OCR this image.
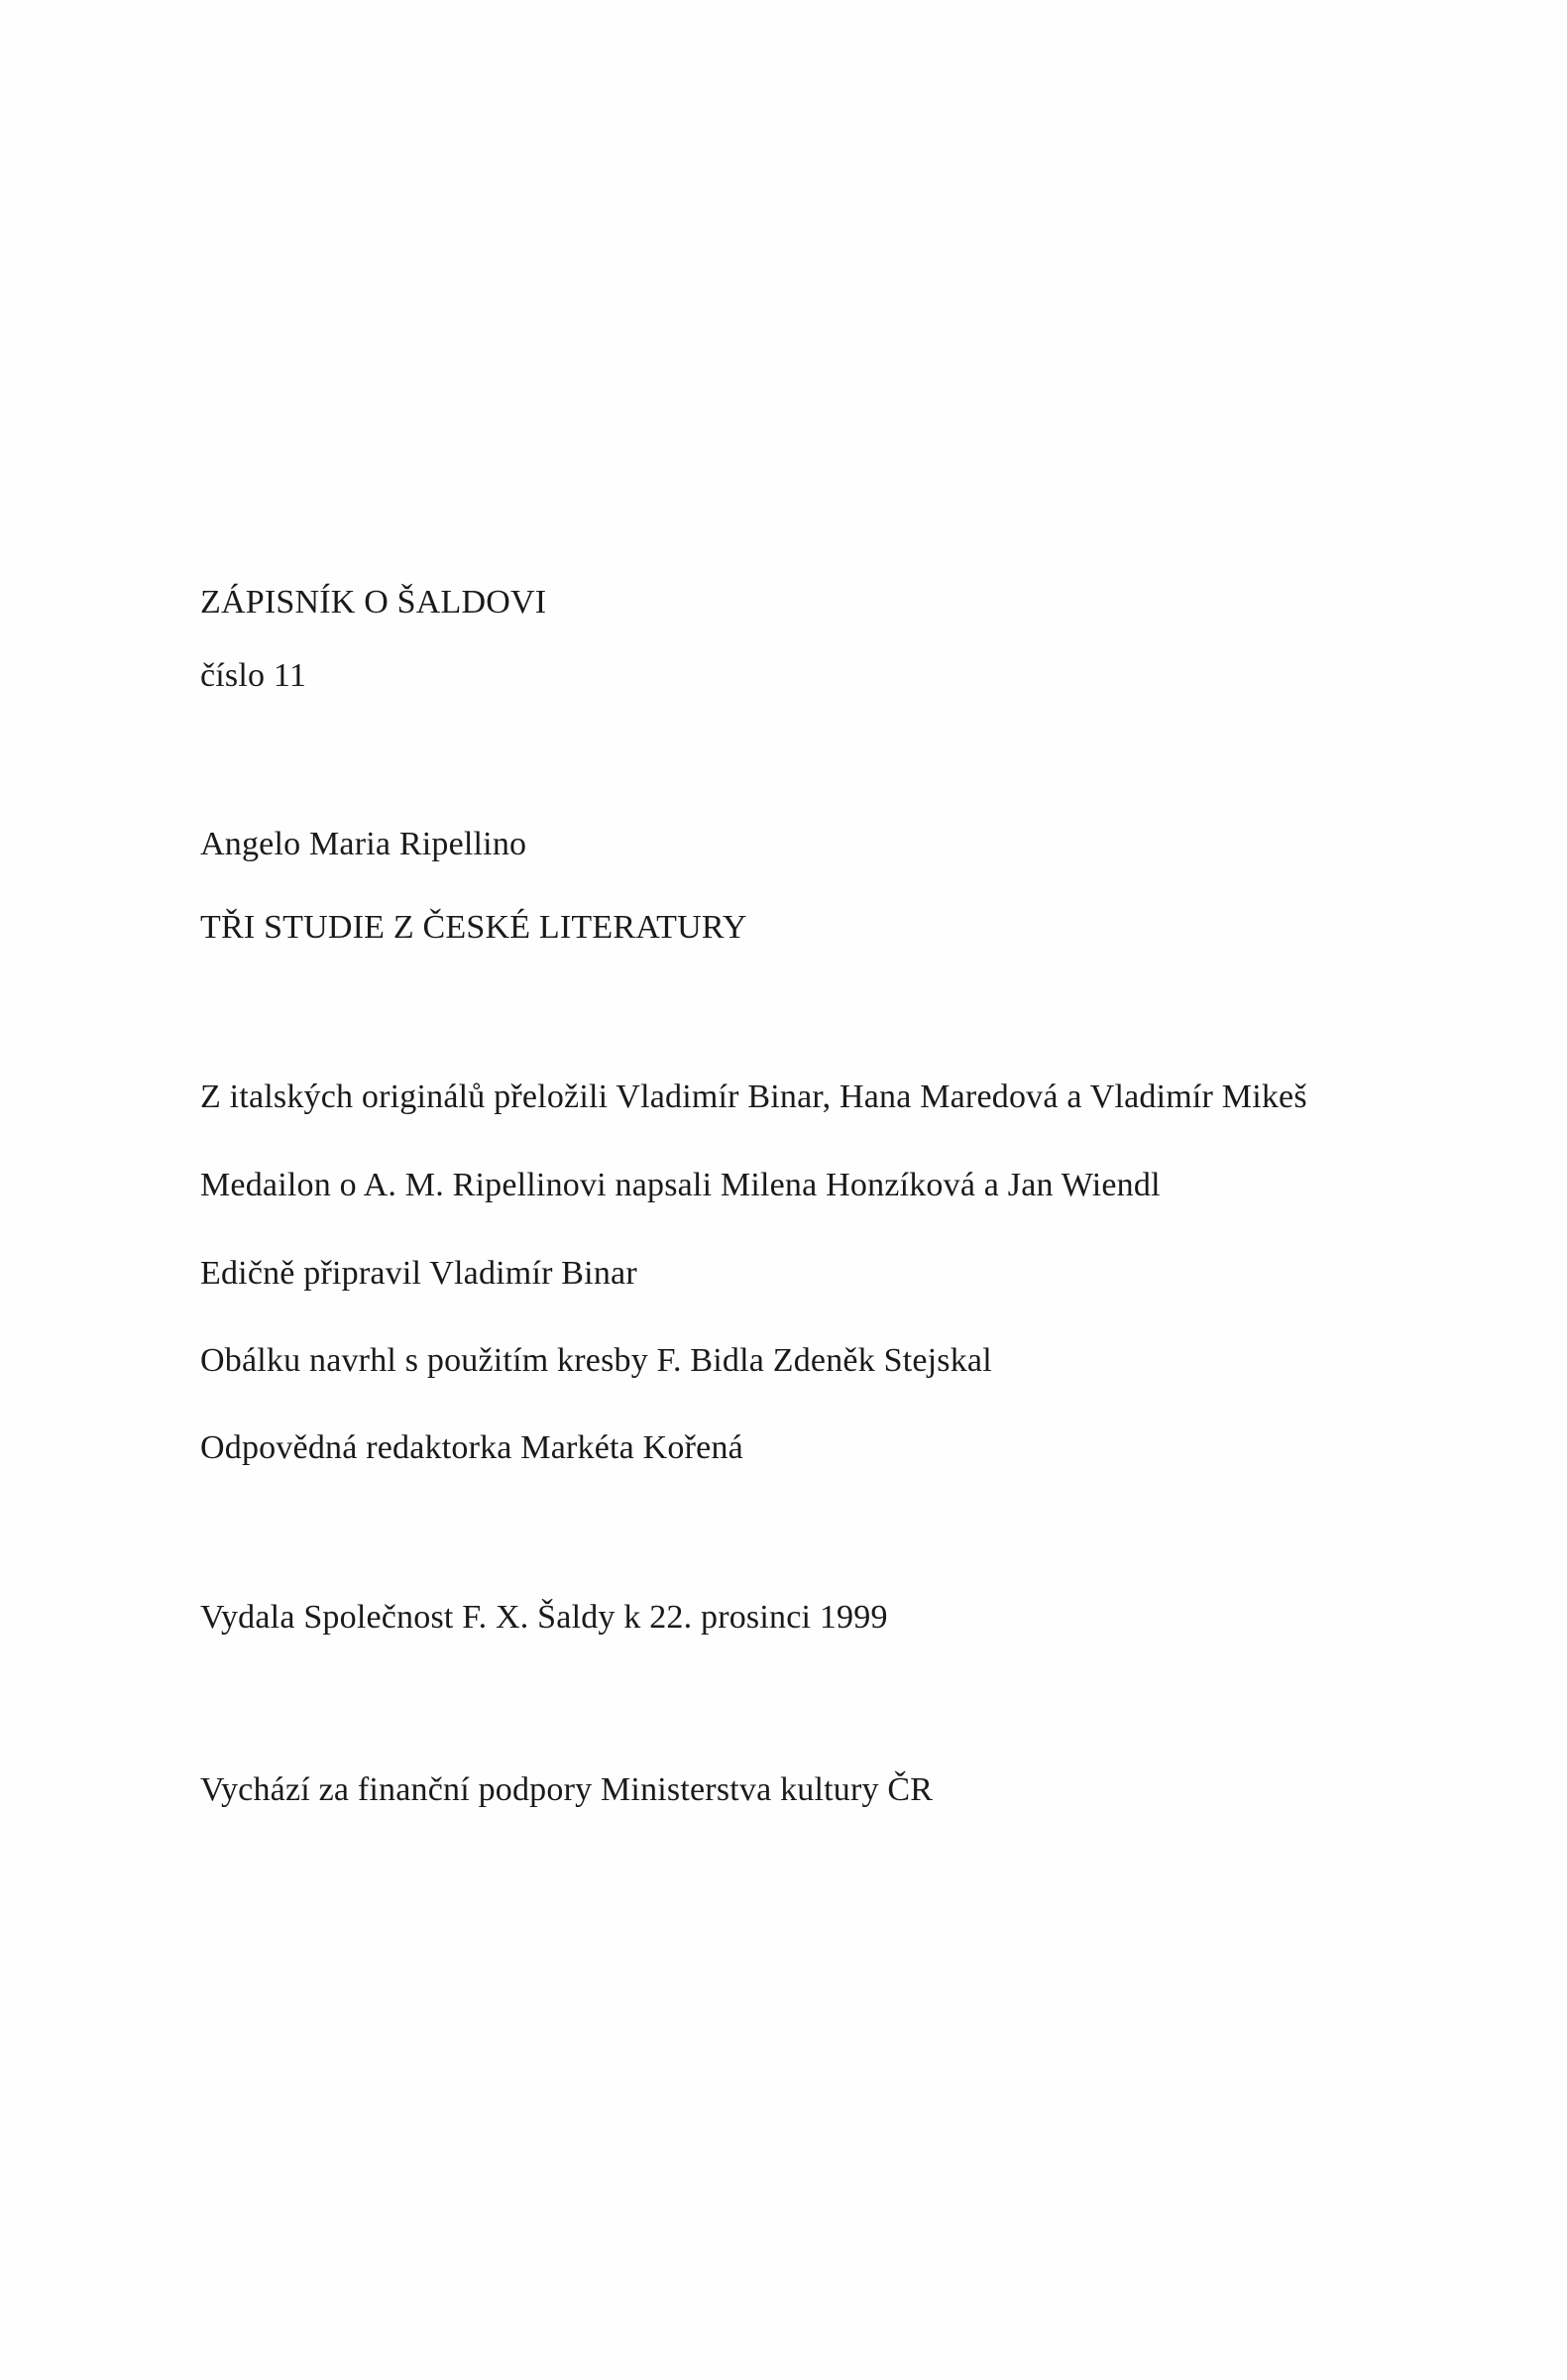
ZÁPISNÍK O ŠALDOVI
číslo 11
Angelo Maria Ripellino
TŘI STUDIE Z ČESKÉ LITERATURY
Z italských originálů přeložili Vladimír Binar, Hana Maredová a Vladimír Mikeš
Medailon o A. M. Ripellinovi napsali Milena Honzíková a Jan Wiendl
Edičně připravil Vladimír Binar
Obálku navrhl s použitím kresby F. Bidla Zdeněk Stejskal
Odpovědná redaktorka Markéta Kořená
Vydala Společnost F. X. Šaldy k 22. prosinci 1999
Vychází za finanční podpory Ministerstva kultury ČR
